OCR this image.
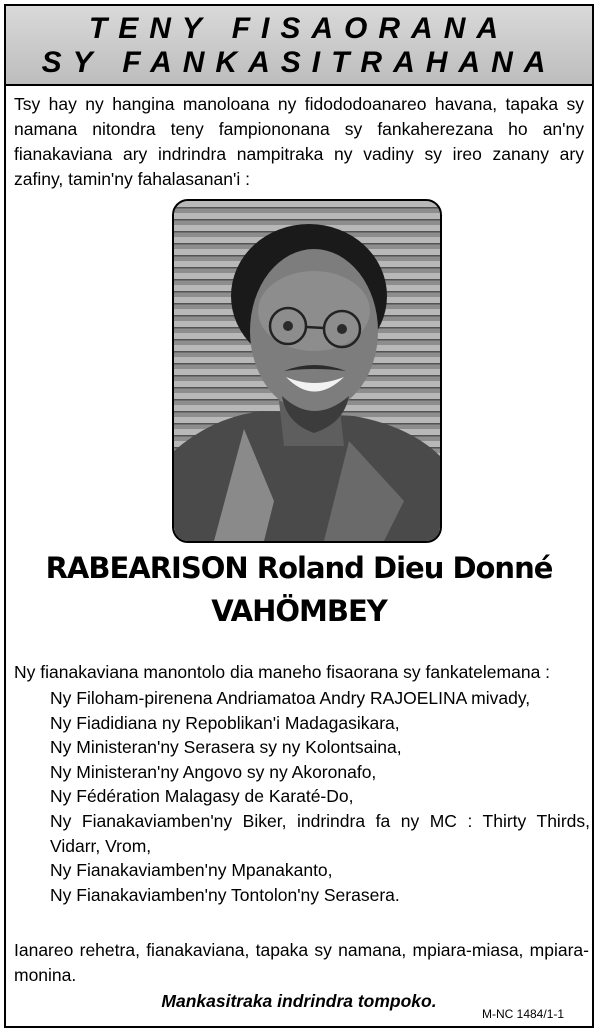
TENY FISAORANA
SY FANKASITRAHANA
Tsy hay ny hangina manoloana ny fidododoanareo havana, tapaka sy namana nitondra teny fampiononana sy fankaherezana ho an'ny fianakaviana ary indrindra nampitraka ny vadiny sy ireo zanany ary zafiny, tamin'ny fahalasanan'i :
RABEARISON Roland Dieu Donné
VAHÖMBEY
Ny fianakaviana manontolo dia maneho fisaorana sy fankatelemana :
Ny Filoham-pirenena Andriamatoa Andry RAJOELINA mivady,
Ny Fiadidiana ny Repoblikan'i Madagasikara,
Ny Ministeran'ny Serasera sy ny Kolontsaina,
Ny Ministeran'ny Angovo sy ny Akoronafo,
Ny Fédération Malagasy de Karaté-Do,
Ny Fianakaviamben'ny Biker, indrindra fa ny MC : Thirty Thirds, Vidarr, Vrom,
Ny Fianakaviamben'ny Mpanakanto,
Ny Fianakaviamben'ny Tontolon'ny Serasera.
Ianareo rehetra, fianakaviana, tapaka sy namana, mpiara-miasa, mpiara-monina.
Mankasitraka indrindra tompoko.
M-NC 1484/1-1
